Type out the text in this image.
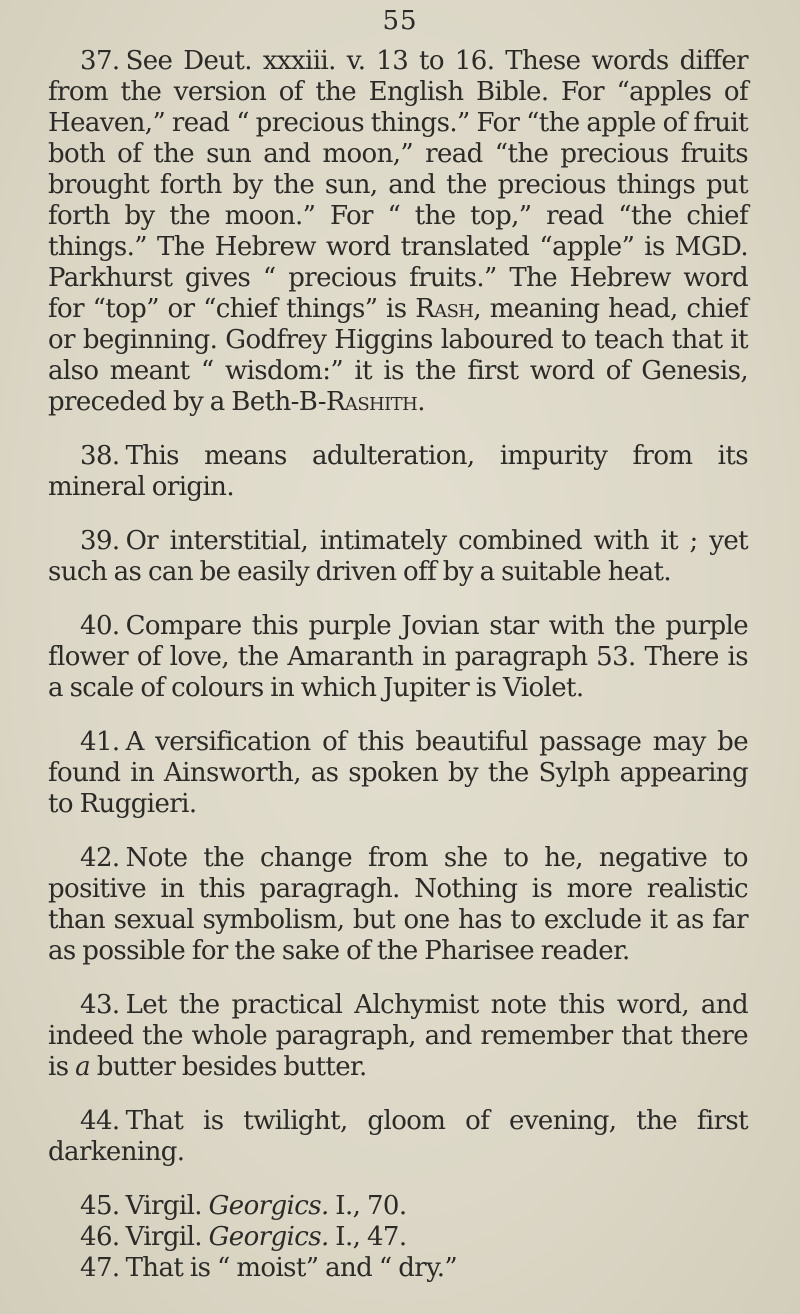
55

37. See Deut. xxxiii. v. 13 to 16. These words differ from the version of the English Bible. For “apples of Heaven,” read “ precious things.” For “the apple of fruit both of the sun and moon,” read “the precious fruits brought forth by the sun, and the precious things put forth by the moon.” For “ the top,” read “the chief things.” The Hebrew word translated “apple” is MGD. Parkhurst gives “ precious fruits.” The Hebrew word for “top” or “chief things” is Rash, meaning head, chief or beginning. Godfrey Higgins laboured to teach that it also meant “ wisdom:” it is the first word of Genesis, preceded by a Beth-B-Rashith.

38. This means adulteration, impurity from its mineral origin.

39. Or interstitial, intimately combined with it ; yet such as can be easily driven off by a suitable heat.

40. Compare this purple Jovian star with the purple flower of love, the Amaranth in paragraph 53. There is a scale of colours in which Jupiter is Violet.

41. A versification of this beautiful passage may be found in Ainsworth, as spoken by the Sylph appearing to Ruggieri.

42. Note the change from she to he, negative to positive in this paragragh. Nothing is more realistic than sexual symbolism, but one has to exclude it as far as possible for the sake of the Pharisee reader.

43. Let the practical Alchymist note this word, and indeed the whole paragraph, and remember that there is a butter besides butter.

44. That is twilight, gloom of evening, the first darkening.

45. Virgil. Georgics. I., 70.

46. Virgil. Georgics. I., 47.

47. That is “ moist” and “ dry.”
